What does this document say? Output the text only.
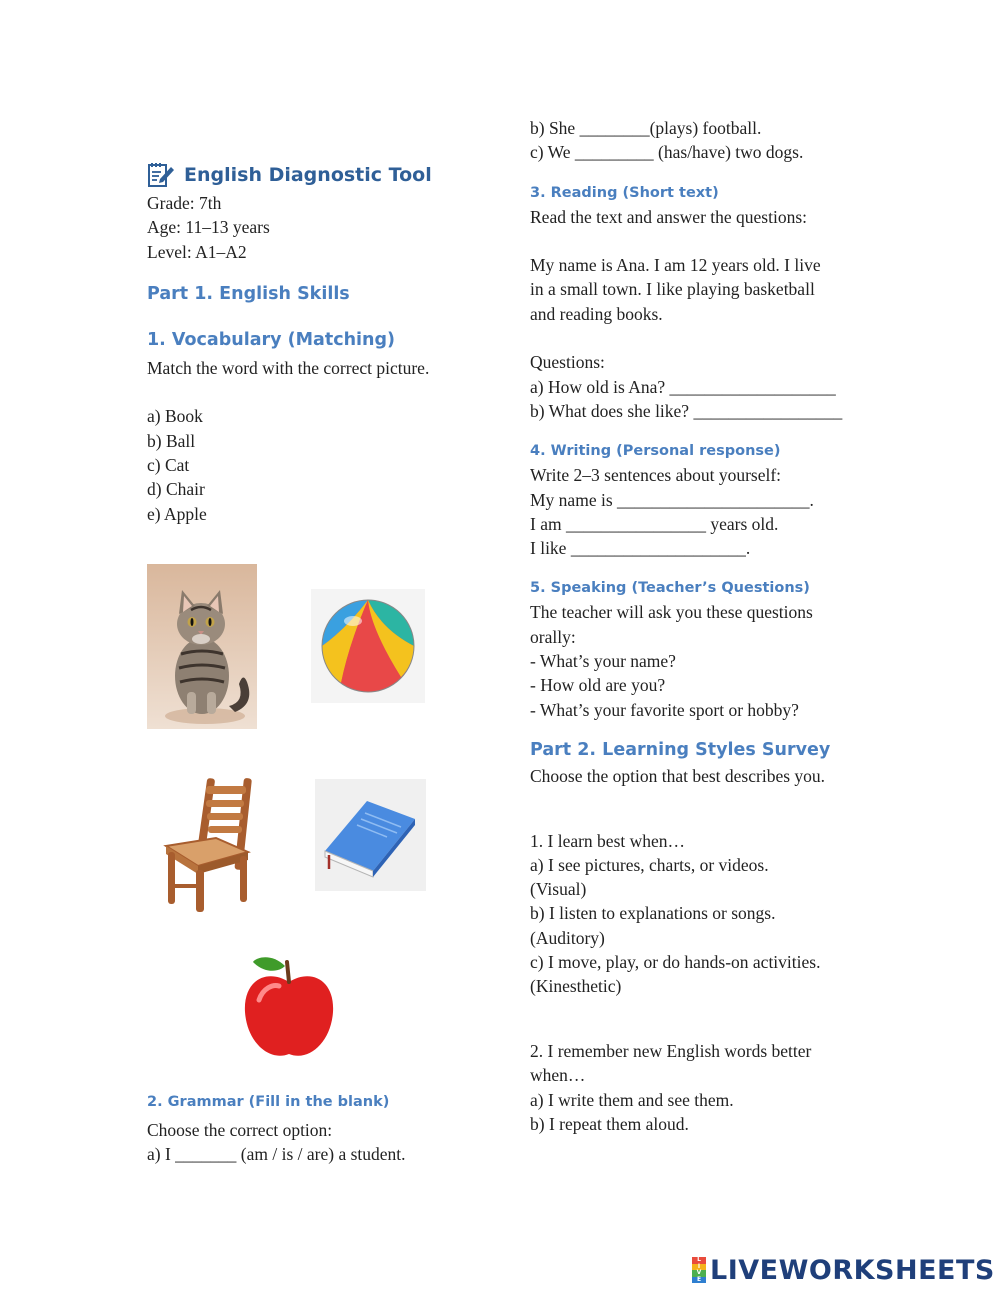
English Diagnostic Tool
Grade: 7th
Age: 11–13 years
Level: A1–A2
Part 1. English Skills
1. Vocabulary (Matching)
Match the word with the correct picture.
a) Book
b) Ball
c) Cat
d) Chair
e) Apple
2. Grammar (Fill in the blank)
Choose the correct option:
a) I _______ (am / is / are) a student.
b) She ________(plays) football.
c) We _________ (has/have) two dogs.
3. Reading (Short text)
Read the text and answer the questions:
My name is Ana. I am 12 years old. I live
in a small town. I like playing basketball
and reading books.
Questions:
a) How old is Ana? ___________________
b) What does she like? _________________
4. Writing (Personal response)
Write 2–3 sentences about yourself:
My name is ______________________.
I am ________________ years old.
I like ____________________.
5. Speaking (Teacher’s Questions)
The teacher will ask you these questions
orally:
- What’s your name?
- How old are you?
- What’s your favorite sport or hobby?
Part 2. Learning Styles Survey
Choose the option that best describes you.
1. I learn best when…
a) I see pictures, charts, or videos.
(Visual)
b) I listen to explanations or songs.
(Auditory)
c) I move, play, or do hands-on activities.
(Kinesthetic)
2. I remember new English words better
when…
a) I write them and see them.
b) I repeat them aloud.
L
I
V
E LIVEWORKSHEETS
